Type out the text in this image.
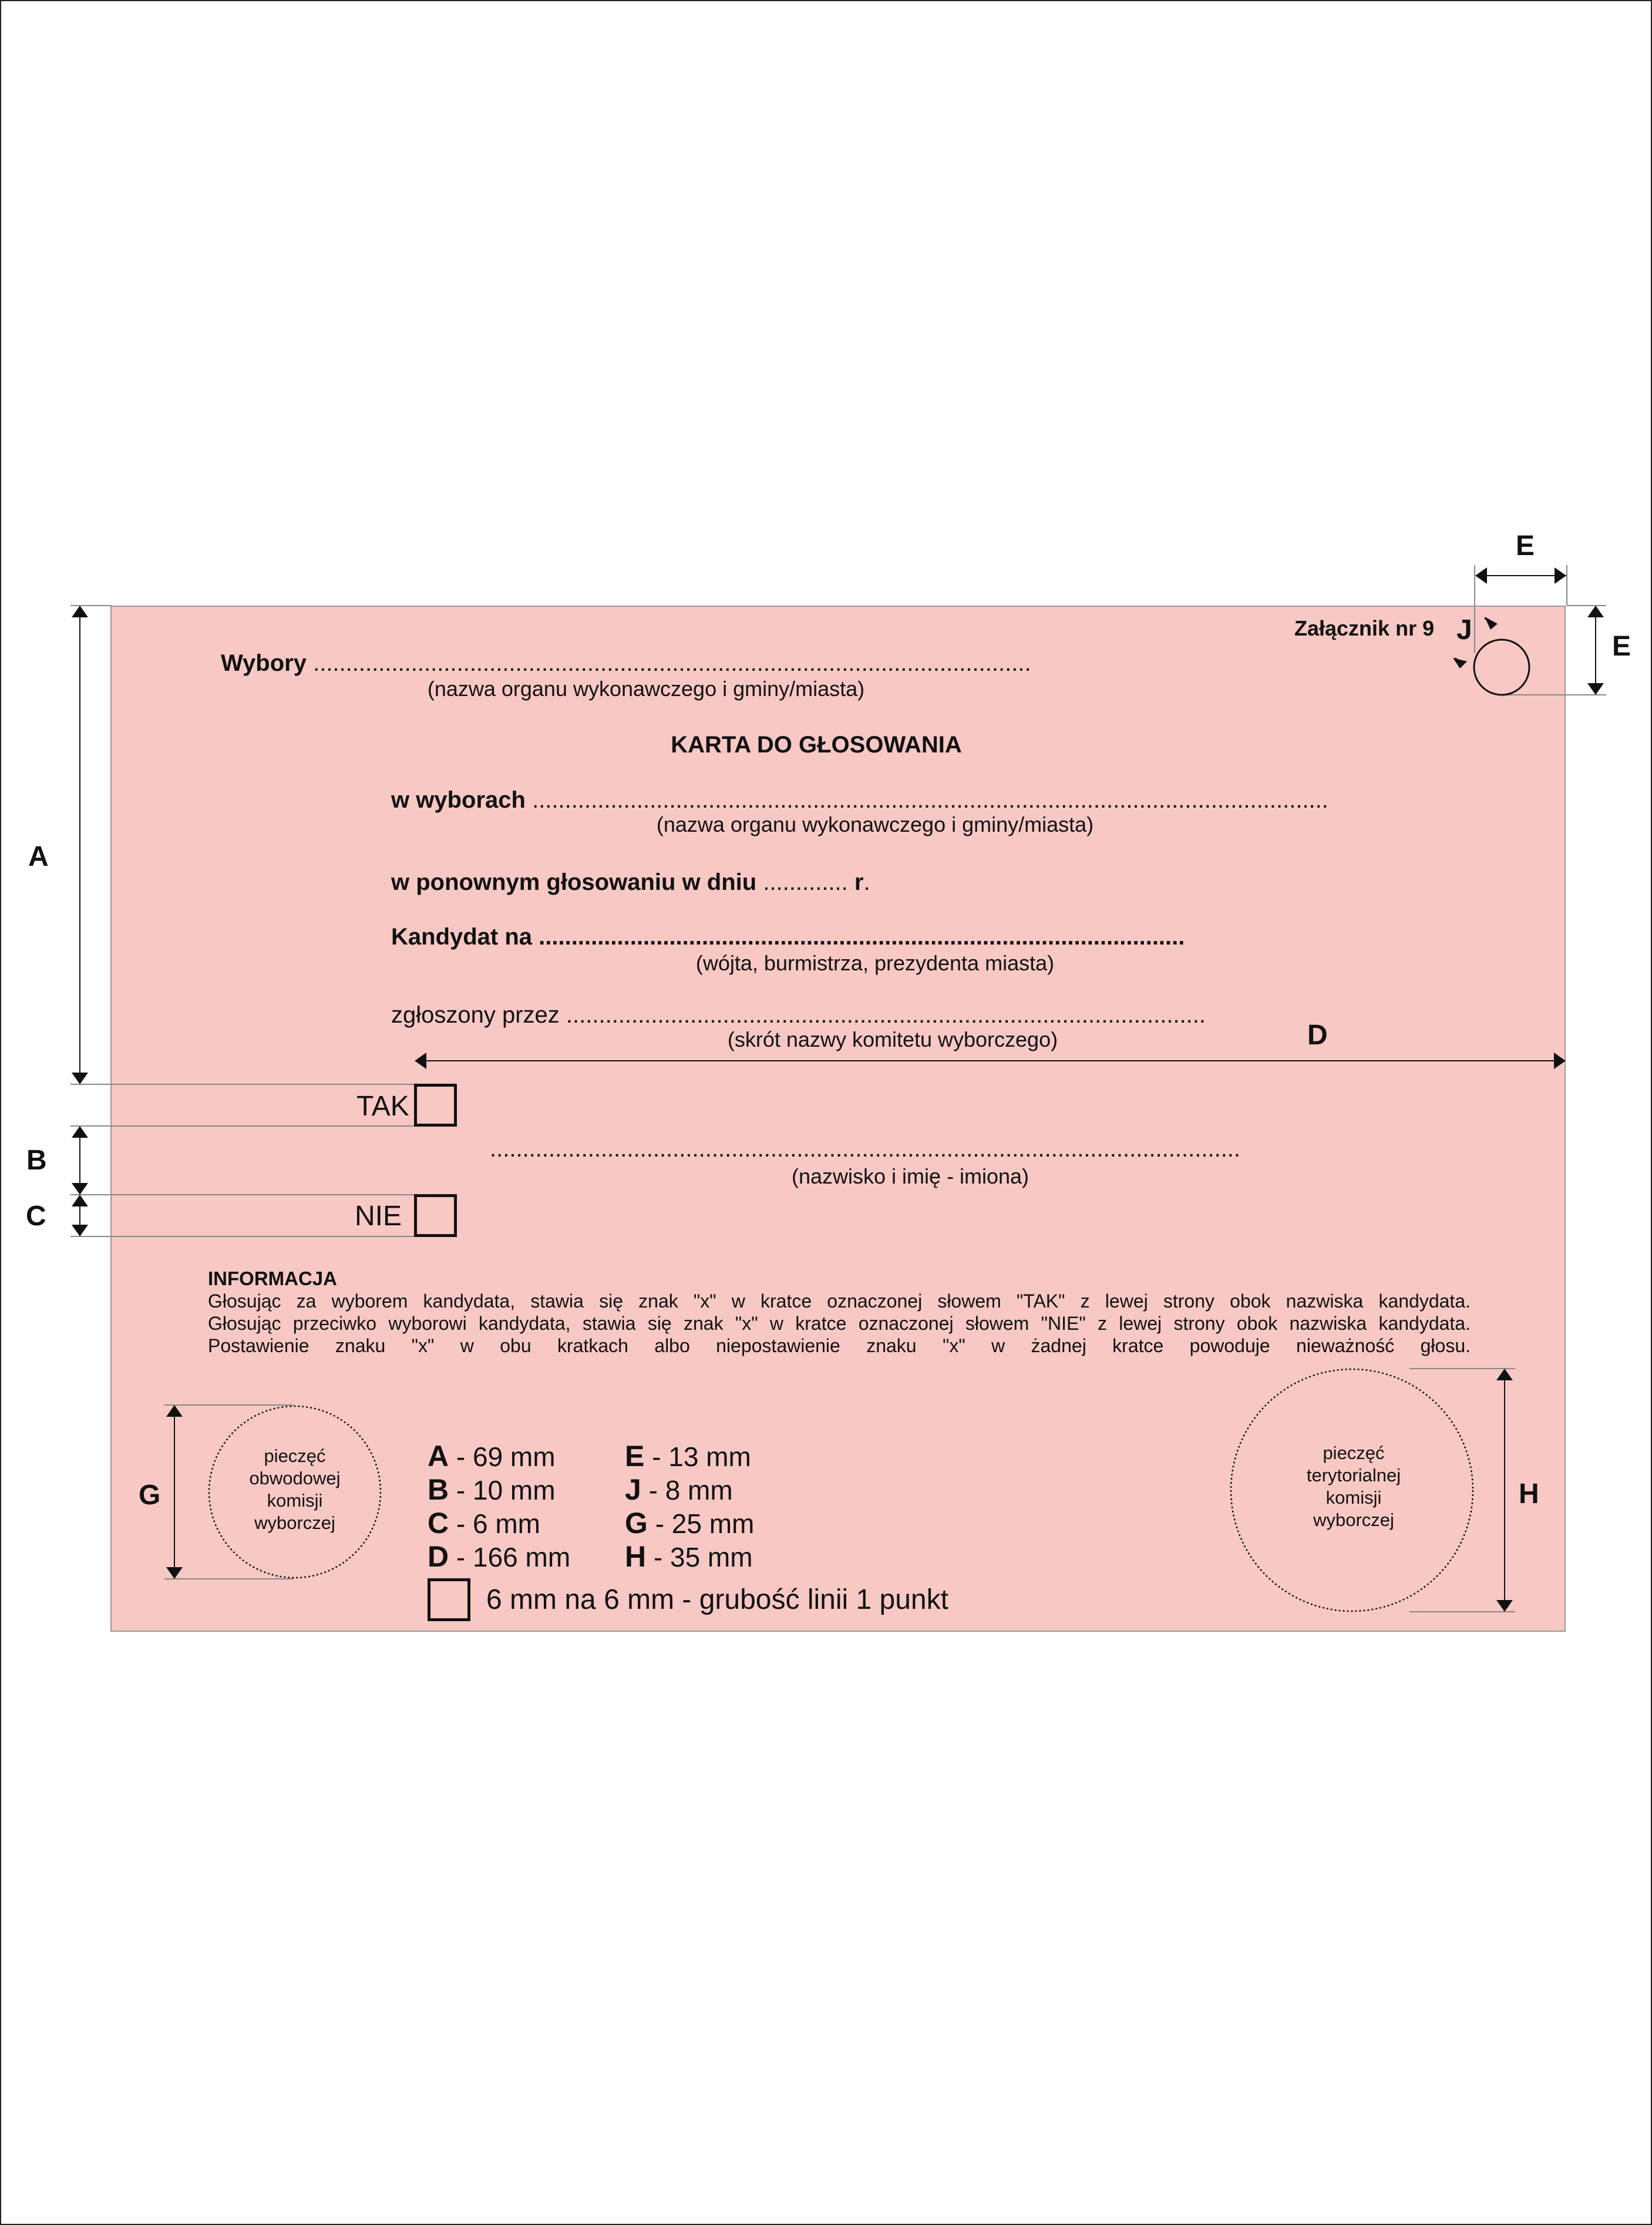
Załącznik nr 9
Wybory ..............................................................................................................
(nazwa organu wykonawczego i gminy/miasta)
KARTA DO GŁOSOWANIA
w wyborach ..........................................................................................................................
(nazwa organu wykonawczego i gminy/miasta)
w ponownym głosowaniu w dniu ............. r.
Kandydat na ...................................................................................................
(wójta, burmistrza, prezydenta miasta)
zgłoszony przez ..................................................................................................
(skrót nazwy komitetu wyborczego)
TAK
...................................................................................................................
(nazwisko i imię - imiona)
NIE
INFORMACJA

Głosując za wyborem kandydata, stawia się znak "x" w kratce oznaczonej słowem "TAK" z lewej strony obok nazwiska kandydata.

Głosując przeciwko wyborowi kandydata, stawia się znak "x" w kratce oznaczonej słowem "NIE" z lewej strony obok nazwiska kandydata.

Postawienie znaku "x" w obu kratkach albo niepostawienie znaku "x" w żadnej kratce powoduje nieważność głosu.

pieczęć
obwodowej
komisji
wyborczej
pieczęć
terytorialnej
komisji
wyborczej
A - 69 mm
B - 10 mm
C - 6 mm
D - 166 mm
E - 13 mm
J - 8 mm
G - 25 mm
H - 35 mm
6 mm na 6 mm - grubość linii 1 punkt
A
B
C
D
E
E
G	H
J
